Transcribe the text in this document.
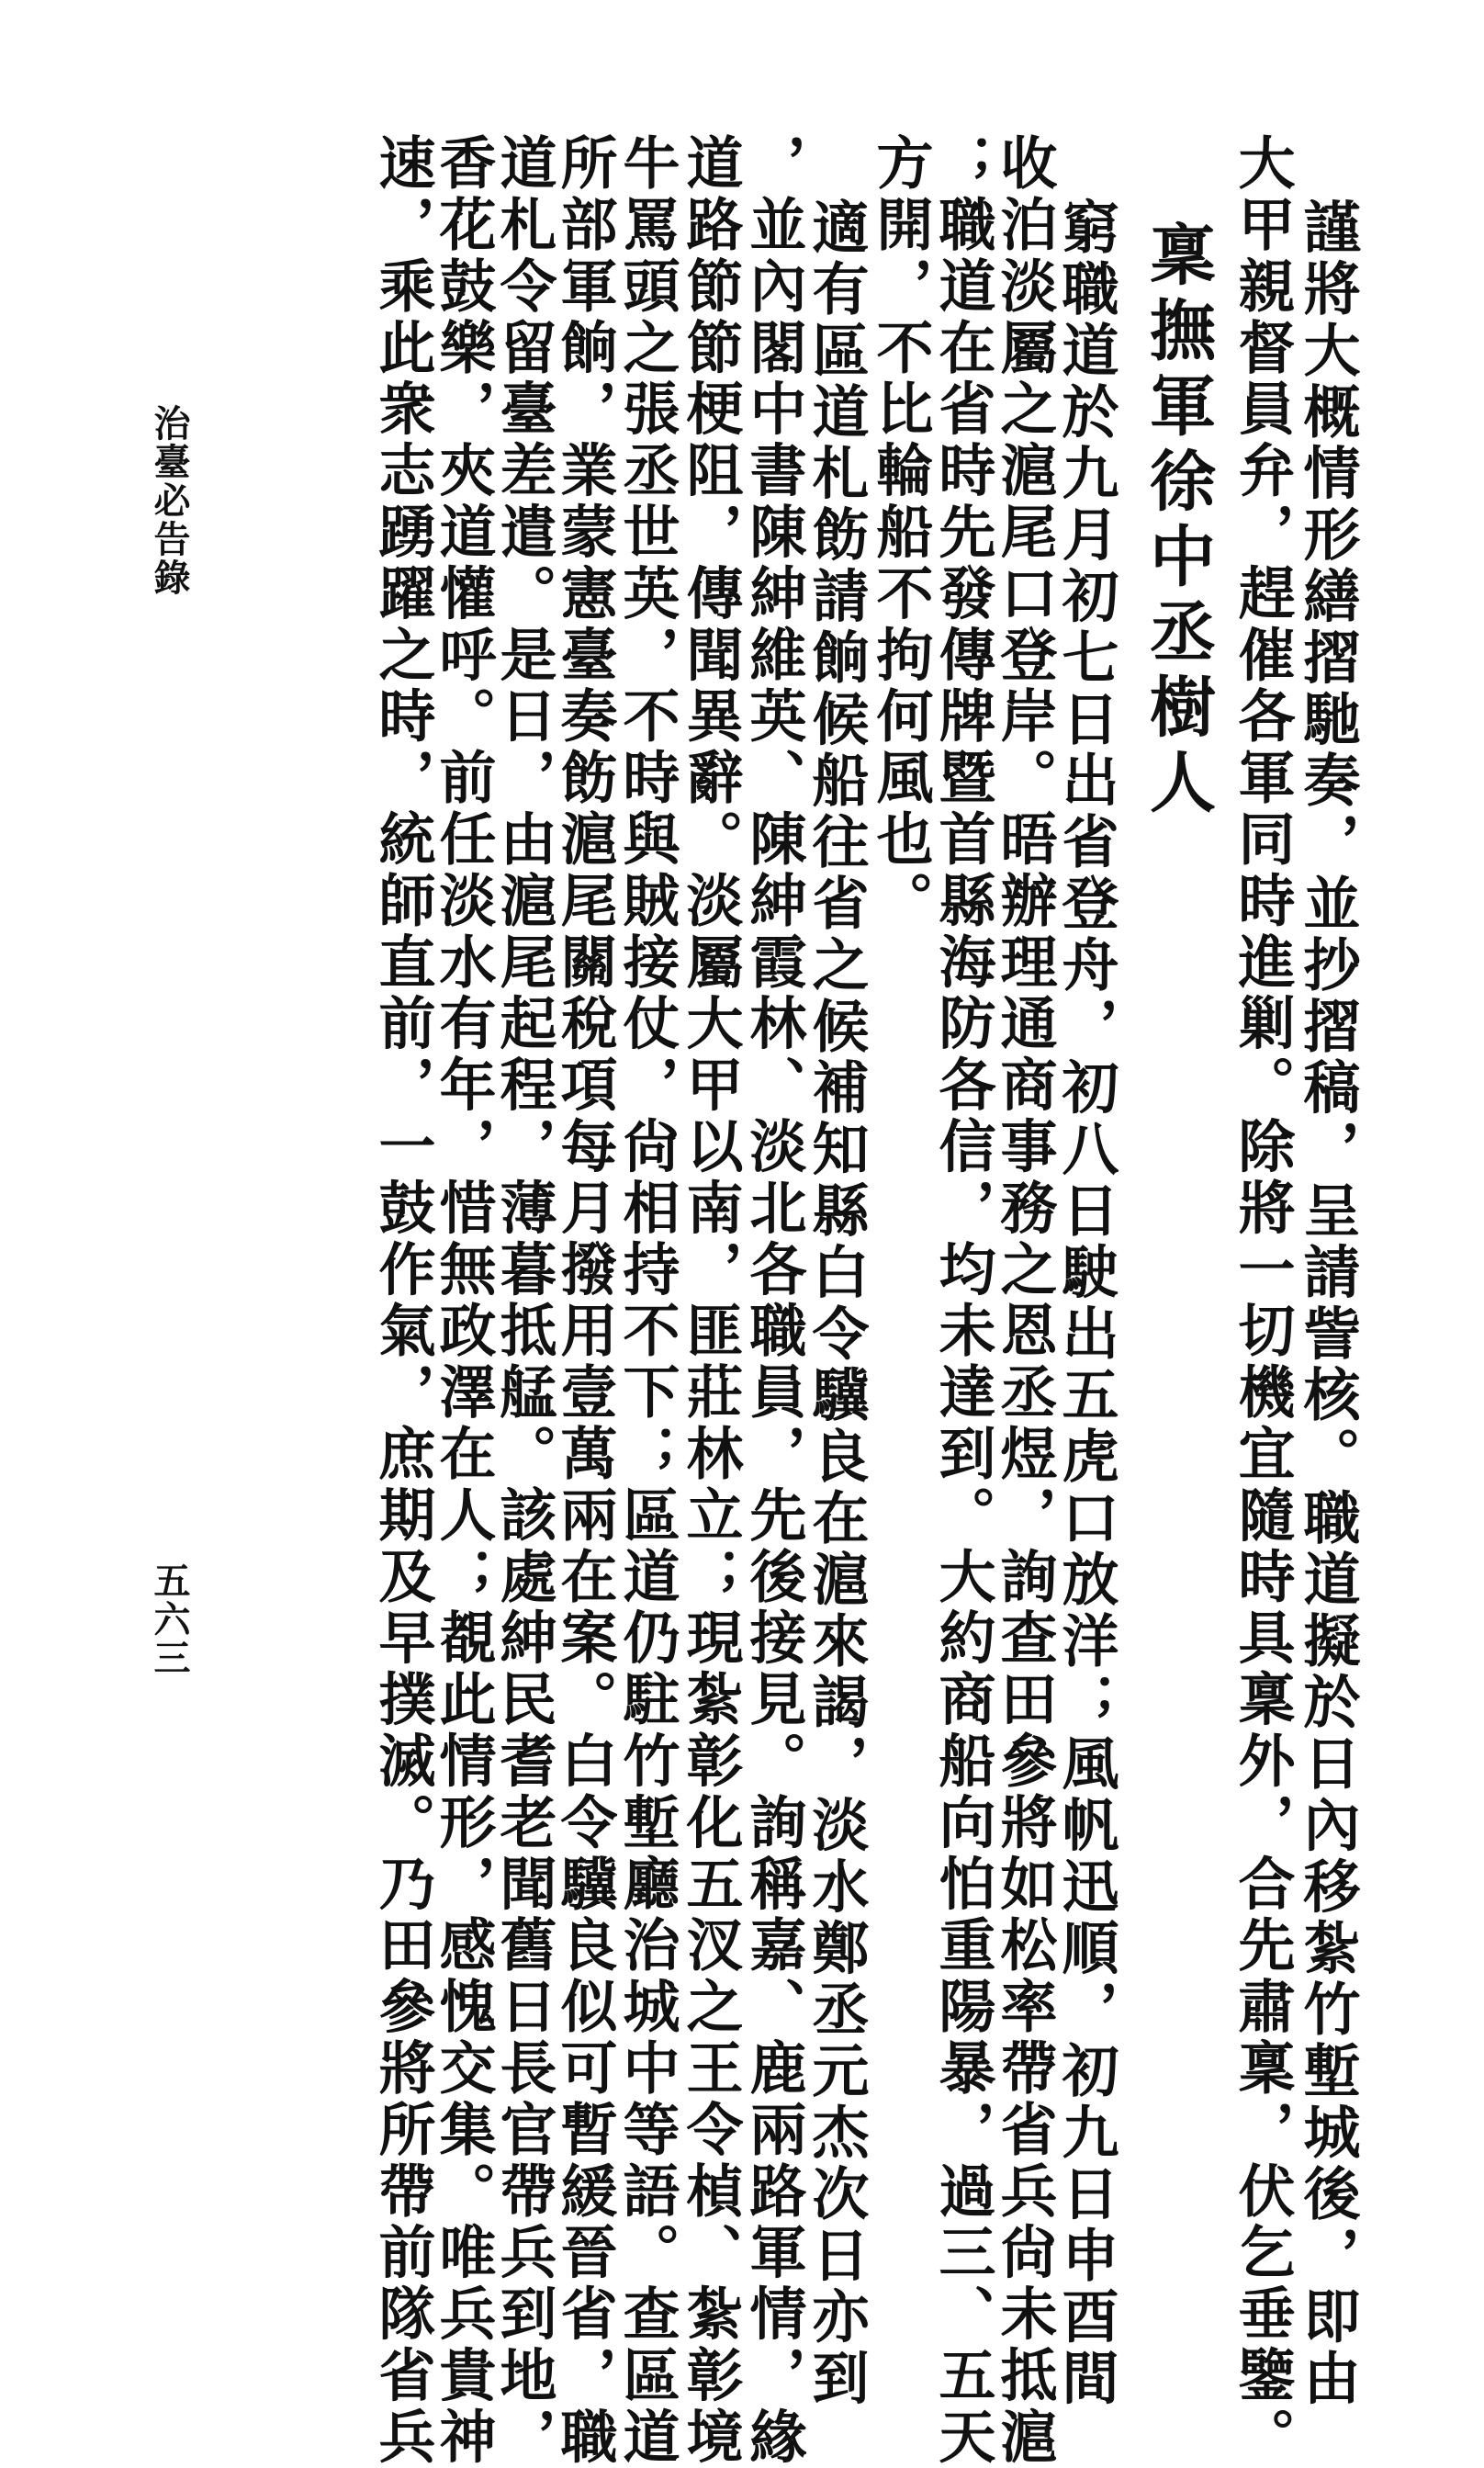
謹將大概情形繕摺馳奏，並抄摺稿，呈請訾核。職道擬於日內移紮竹塹城後，即由
大甲親督員弁，趕催各軍同時進剿。除將一切機宜隨時具稟外，合先肅稟，伏乞垂鑒。
稟撫軍徐中丞樹人
窮職道於九月初七日出省登舟，初八日駛出五虎口放洋；風帆迅順，初九日申酉間
收泊淡屬之滬尾口登岸。晤辦理通商事務之恩丞煜，詢查田參將如松率帶省兵尙未抵滬
；職道在省時先發傳牌暨首縣海防各信，均未達到。大約商船向怕重陽暴，過三、五天
方開，不比輪船不拘何風也。
適有區道札飭請餉候船往省之候補知縣白令驥良在滬來謁，淡水鄭丞元杰次日亦到
，並內閣中書陳紳維英、陳紳霞林、淡北各職員，先後接見。詢稱嘉、鹿兩路軍情，緣
道路節節梗阻，傳聞異辭。淡屬大甲以南，匪莊林立；現紮彰化五汊之王令楨、紮彰境
牛罵頭之張丞世英，不時與賊接仗，尙相持不下；區道仍駐竹塹廳治城中等語。查區道
所部軍餉，業蒙憲臺奏飭滬尾關稅項每月撥用壹萬兩在案。白令驥良似可暫緩晉省，職
道札令留臺差遣。是日，由滬尾起程，薄暮抵艋。該處紳民耆老聞舊日長官帶兵到地，
香花鼓樂，夾道懽呼。前任淡水有年，惜無政澤在人；覩此情形，感愧交集。唯兵貴神
速，乘此衆志踴躍之時，統師直前，一鼓作氣，庶期及早撲滅。乃田參將所帶前隊省兵
治臺必告錄
五六三
